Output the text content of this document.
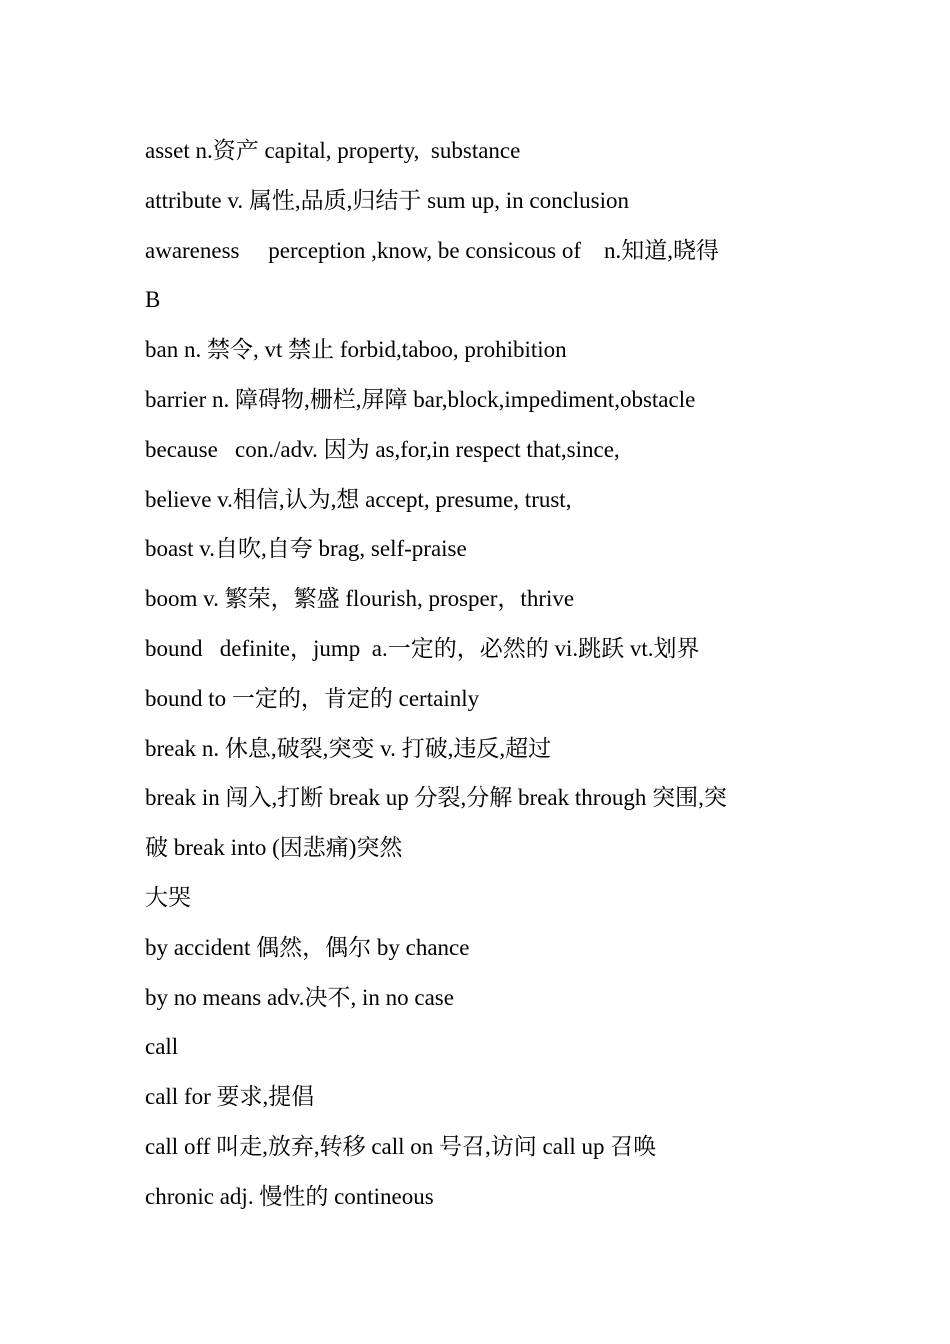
asset n.资产 capital, property,  substance

attribute v. 属性,品质,归结于 sum up, in conclusion

awareness     perception ,know, be consicous of    n.知道,晓得

B

ban n. 禁令, vt 禁止 forbid,taboo, prohibition

barrier n. 障碍物,栅栏,屏障 bar,block,impediment,obstacle

because   con./adv. 因为 as,for,in respect that,since,

believe v.相信,认为,想 accept, presume, trust,

boast v.自吹,自夸 brag, self-praise

boom v. 繁荣，繁盛 flourish, prosper，thrive

bound   definite，jump  a.一定的，必然的 vi.跳跃 vt.划界

bound to 一定的，肯定的 certainly

break n. 休息,破裂,突变 v. 打破,违反,超过

break in 闯入,打断 break up 分裂,分解 break through 突围,突

破 break into (因悲痛)突然

大哭

by accident 偶然，偶尔 by chance

by no means adv.决不, in no case

call

call for 要求,提倡

call off 叫走,放弃,转移 call on 号召,访问 call up 召唤

chronic adj. 慢性的 contineous
